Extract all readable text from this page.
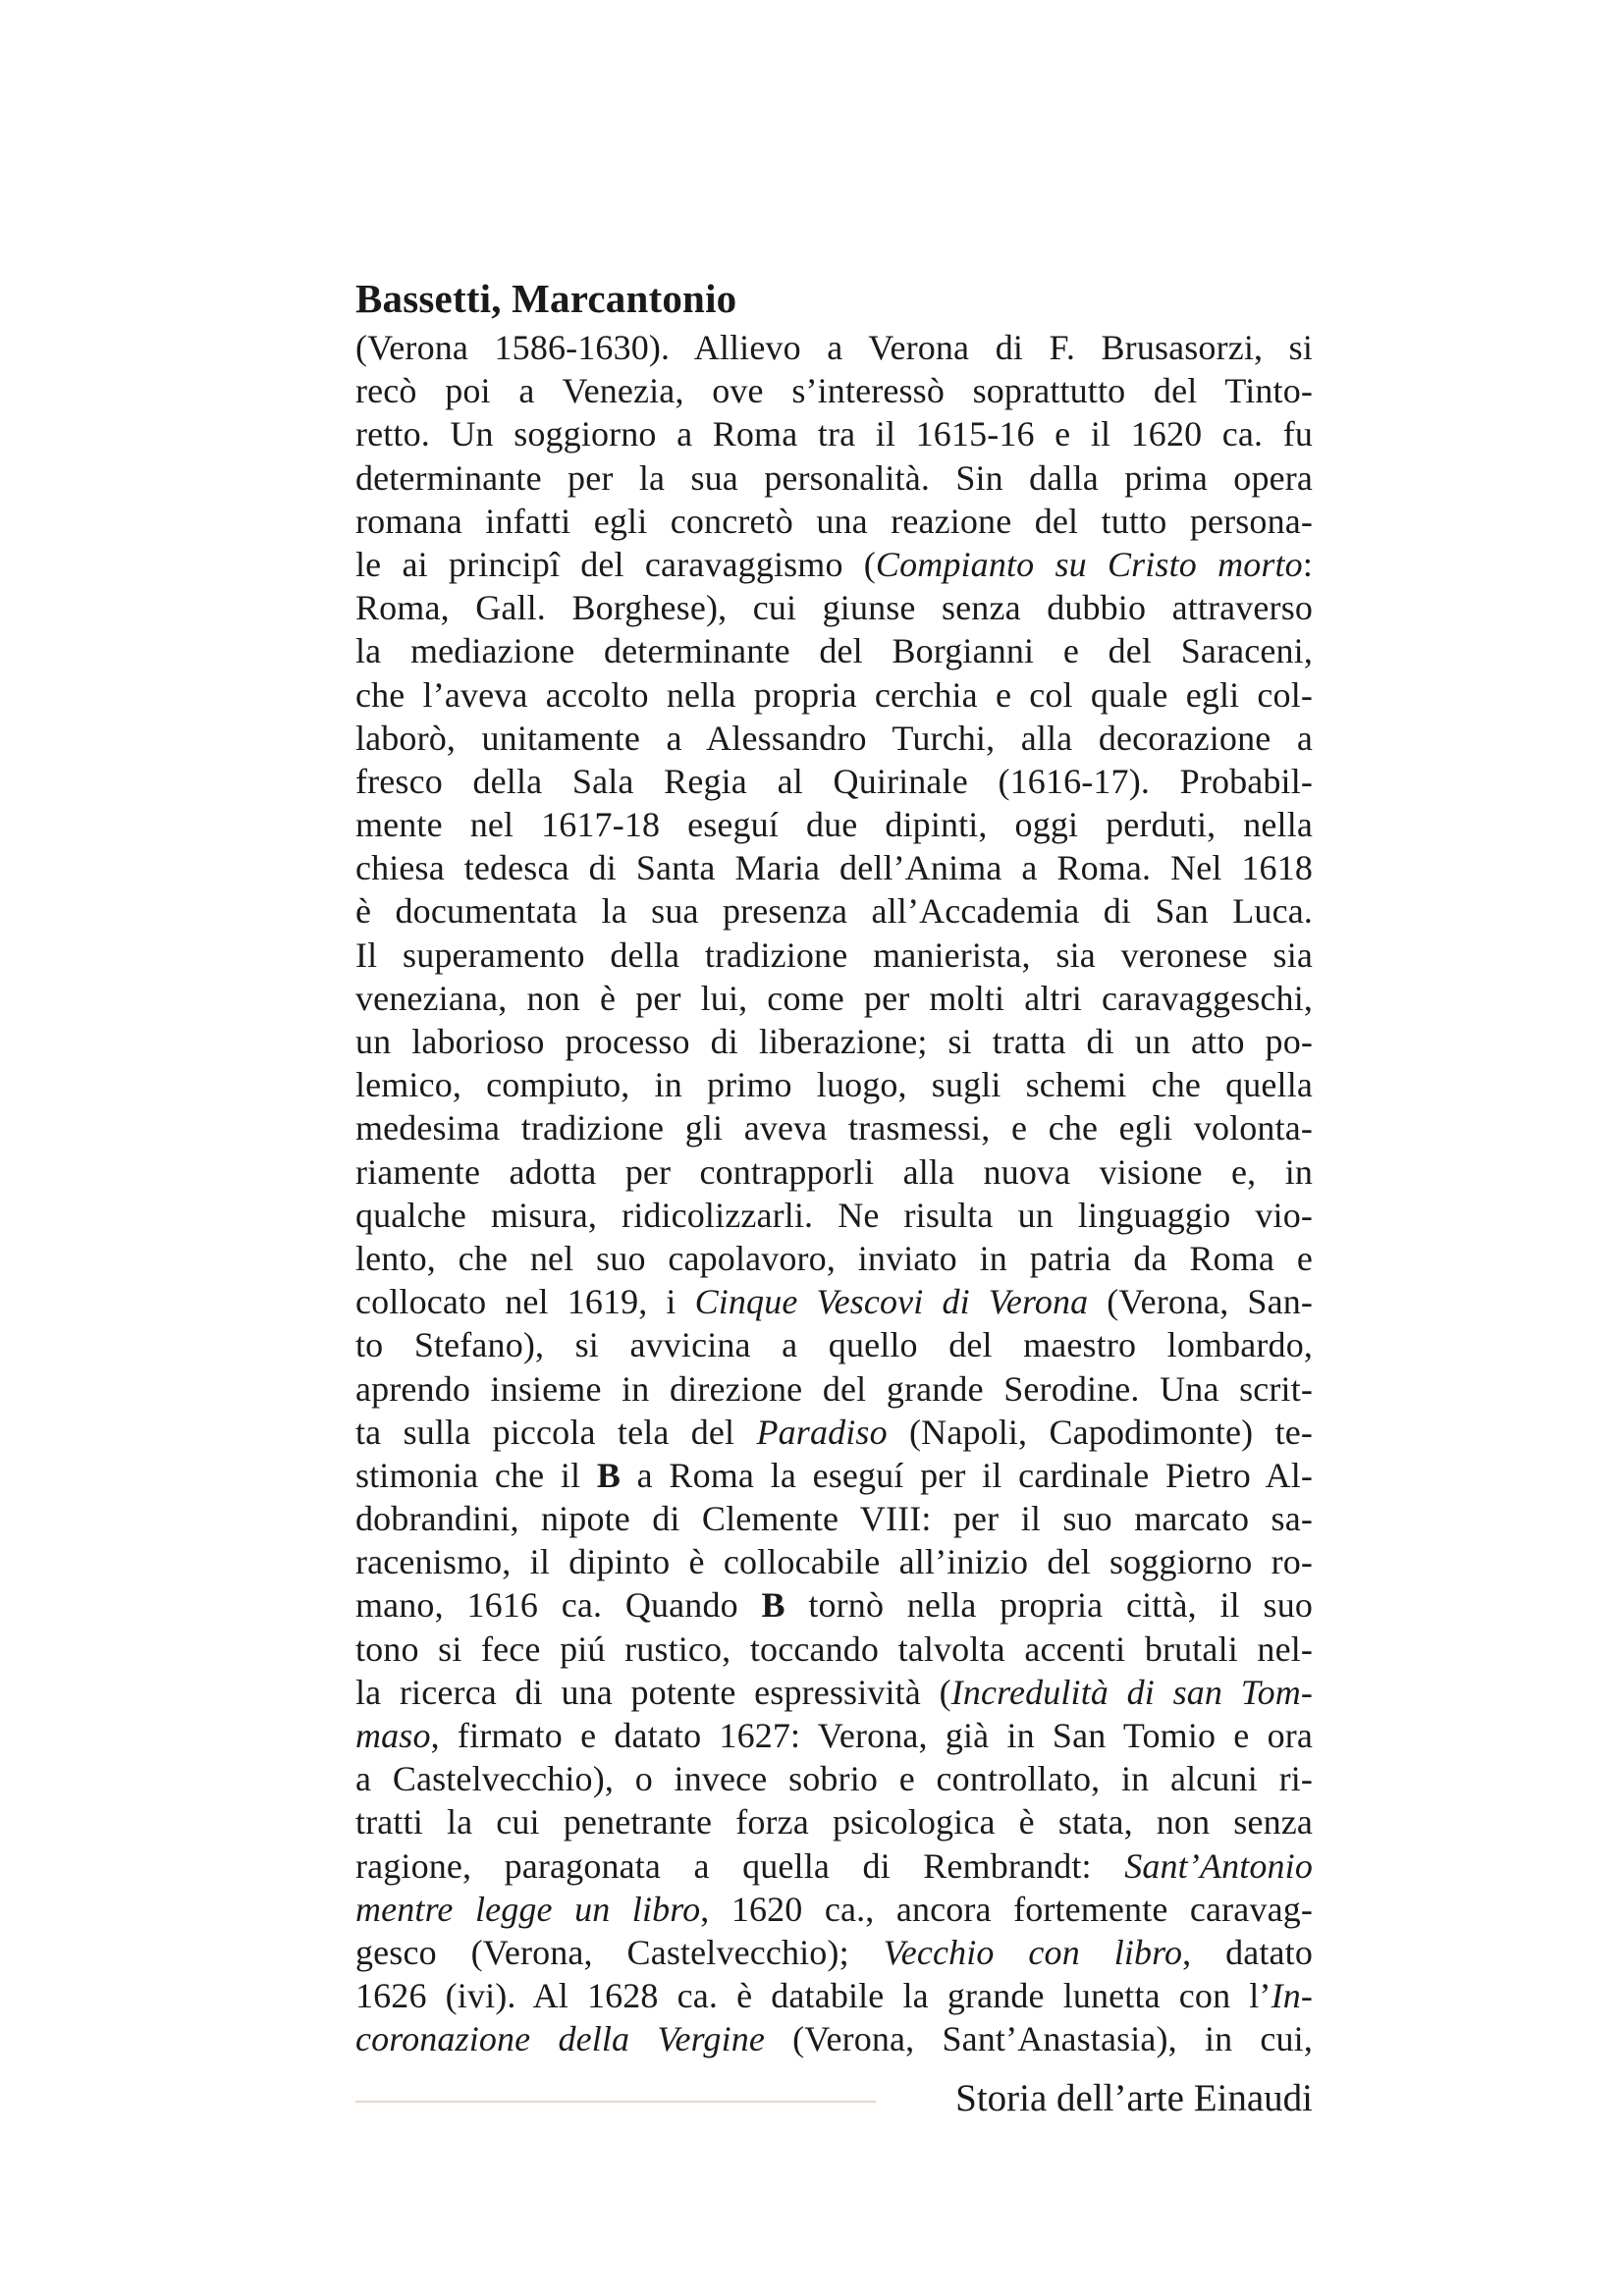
Bassetti, Marcantonio
(Verona 1586-1630). Allievo a Verona di F. Brusasorzi, si
recò poi a Venezia, ove s’interessò soprattutto del Tinto-
retto. Un soggiorno a Roma tra il 1615-16 e il 1620 ca. fu
determinante per la sua personalità. Sin dalla prima opera
romana infatti egli concretò una reazione del tutto persona-
le ai principî del caravaggismo (Compianto su Cristo morto:
Roma, Gall. Borghese), cui giunse senza dubbio attraverso
la mediazione determinante del Borgianni e del Saraceni,
che l’aveva accolto nella propria cerchia e col quale egli col-
laborò, unitamente a Alessandro Turchi, alla decorazione a
fresco della Sala Regia al Quirinale (1616-17). Probabil-
mente nel 1617-18 eseguí due dipinti, oggi perduti, nella
chiesa tedesca di Santa Maria dell’Anima a Roma. Nel 1618
è documentata la sua presenza all’Accademia di San Luca.
Il superamento della tradizione manierista, sia veronese sia
veneziana, non è per lui, come per molti altri caravaggeschi,
un laborioso processo di liberazione; si tratta di un atto po-
lemico, compiuto, in primo luogo, sugli schemi che quella
medesima tradizione gli aveva trasmessi, e che egli volonta-
riamente adotta per contrapporli alla nuova visione e, in
qualche misura, ridicolizzarli. Ne risulta un linguaggio vio-
lento, che nel suo capolavoro, inviato in patria da Roma e
collocato nel 1619, i Cinque Vescovi di Verona (Verona, San-
to Stefano), si avvicina a quello del maestro lombardo,
aprendo insieme in direzione del grande Serodine. Una scrit-
ta sulla piccola tela del Paradiso (Napoli, Capodimonte) te-
stimonia che il B a Roma la eseguí per il cardinale Pietro Al-
dobrandini, nipote di Clemente VIII: per il suo marcato sa-
racenismo, il dipinto è collocabile all’inizio del soggiorno ro-
mano, 1616 ca. Quando B tornò nella propria città, il suo
tono si fece piú rustico, toccando talvolta accenti brutali nel-
la ricerca di una potente espressività (Incredulità di san Tom-
maso, firmato e datato 1627: Verona, già in San Tomio e ora
a Castelvecchio), o invece sobrio e controllato, in alcuni ri-
tratti la cui penetrante forza psicologica è stata, non senza
ragione, paragonata a quella di Rembrandt: Sant’Antonio
mentre legge un libro, 1620 ca., ancora fortemente caravag-
gesco (Verona, Castelvecchio); Vecchio con libro, datato
1626 (ivi). Al 1628 ca. è databile la grande lunetta con l’In-
coronazione della Vergine (Verona, Sant’Anastasia), in cui,
Storia dell’arte Einaudi
